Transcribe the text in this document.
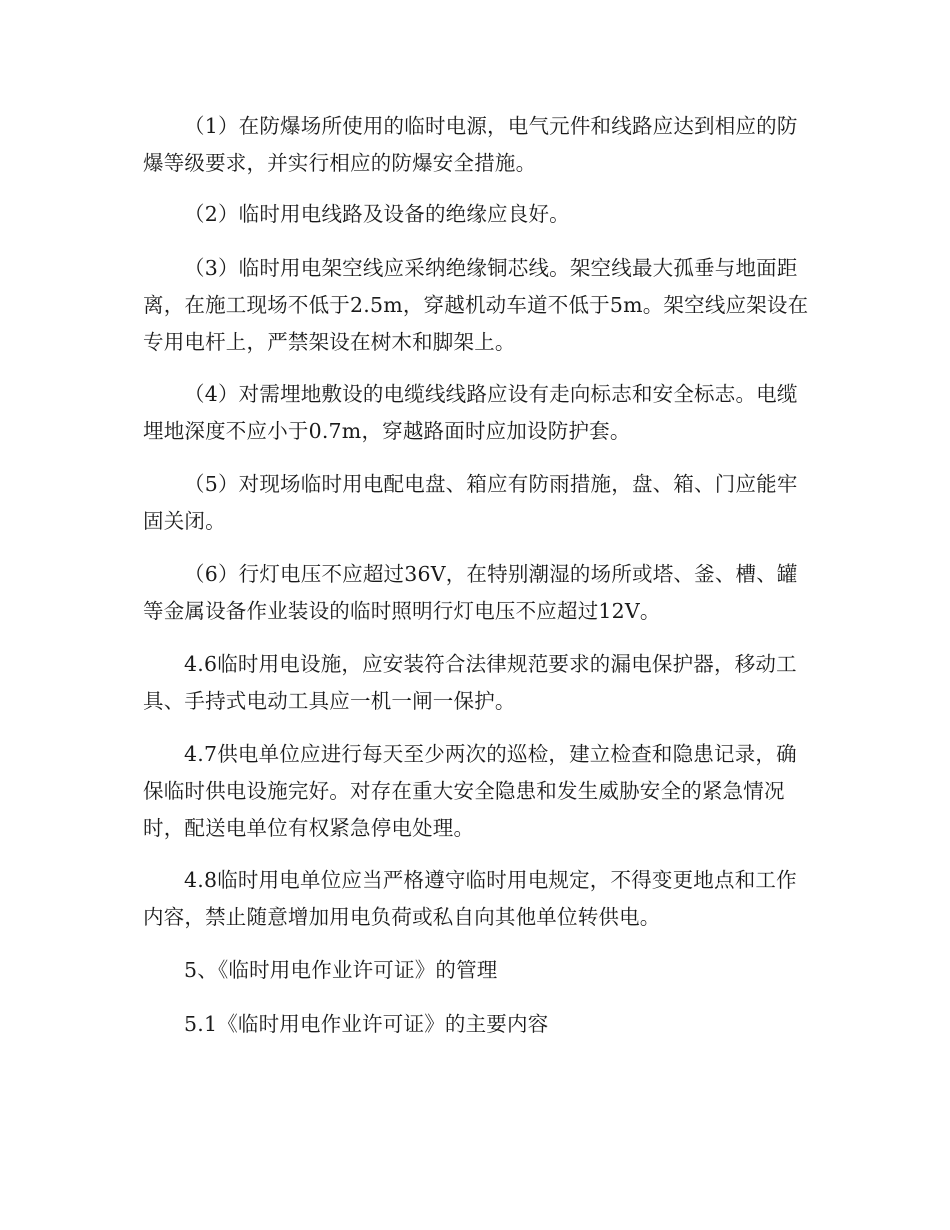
（1）在防爆场所使用的临时电源，电气元件和线路应达到相应的防爆等级要求，并实行相应的防爆安全措施。

（2）临时用电线路及设备的绝缘应良好。

（3）临时用电架空线应采纳绝缘铜芯线。架空线最大孤垂与地面距离，在施工现场不低于2.5m，穿越机动车道不低于5m。架空线应架设在专用电杆上，严禁架设在树木和脚架上。

（4）对需埋地敷设的电缆线线路应设有走向标志和安全标志。电缆埋地深度不应小于0.7m，穿越路面时应加设防护套。

（5）对现场临时用电配电盘、箱应有防雨措施，盘、箱、门应能牢固关闭。

（6）行灯电压不应超过36V，在特别潮湿的场所或塔、釜、槽、罐等金属设备作业装设的临时照明行灯电压不应超过12V。

4.6临时用电设施，应安装符合法律规范要求的漏电保护器，移动工具、手持式电动工具应一机一闸一保护。

4.7供电单位应进行每天至少两次的巡检，建立检查和隐患记录，确保临时供电设施完好。对存在重大安全隐患和发生威胁安全的紧急情况时，配送电单位有权紧急停电处理。

4.8临时用电单位应当严格遵守临时用电规定，不得变更地点和工作内容，禁止随意增加用电负荷或私自向其他单位转供电。

5、《临时用电作业许可证》的管理

5.1《临时用电作业许可证》的主要内容
